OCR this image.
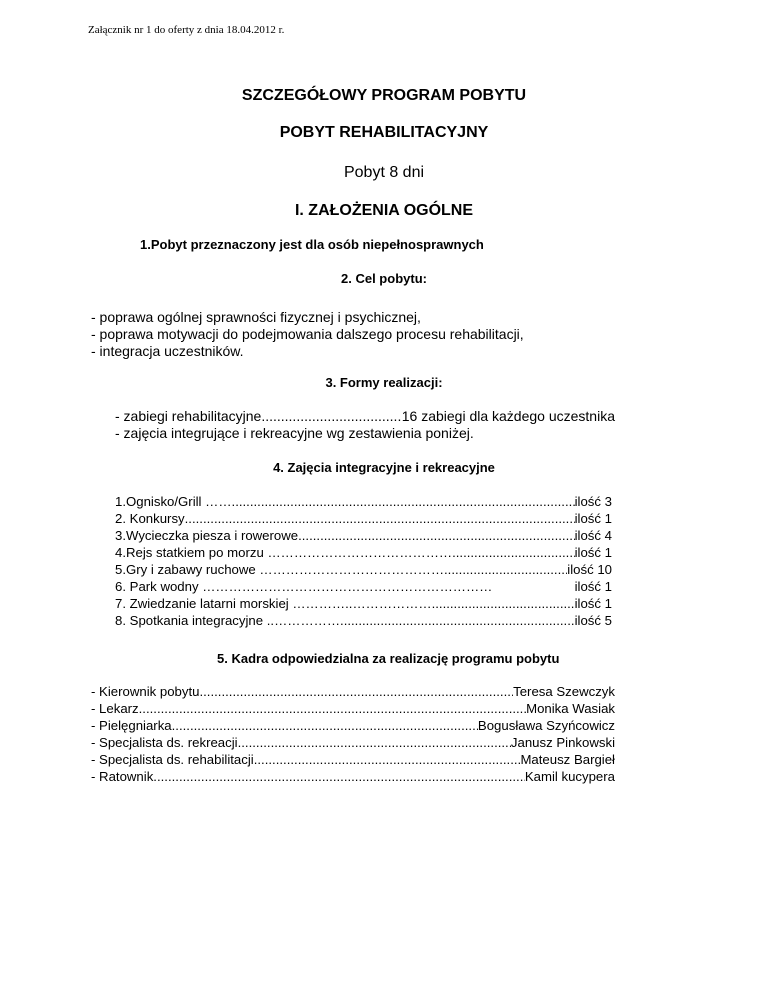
Załącznik nr 1 do oferty z dnia 18.04.2012 r.
SZCZEGÓŁOWY PROGRAM POBYTU
POBYT REHABILITACYJNY
Pobyt 8 dni
I. ZAŁOŻENIA OGÓLNE
1.Pobyt przeznaczony jest dla osób niepełnosprawnych
2. Cel pobytu:
- poprawa ogólnej sprawności fizycznej i psychicznej,
- poprawa motywacji do podejmowania dalszego procesu rehabilitacji,
- integracja uczestników.
3. Formy realizacji:
- zabiegi rehabilitacyjne .....	16 zabiegi dla każdego uczestnika
- zajęcia integrujące i rekreacyjne wg zestawienia poniżej.
4. Zajęcia integracyjne i rekreacyjne
1.Ognisko/Grill …… .....	ilość 3
2. Konkursy .....	ilość 1
3.Wycieczka piesza i rowerowe .....	ilość 4
4.Rejs statkiem po morzu …………………………………… .....	ilość 1
5.Gry i zabawy ruchowe …………………………………… .....	ilość 10
6. Park wodny …………………………………………………………	ilość 1
7. Zwiedzanie latarni morskiej …………..……………… .....	ilość 1
8. Spotkania integracyjne ..…………… .....	ilość 5
5. Kadra odpowiedzialna za realizację programu pobytu
- Kierownik pobytu .....	Teresa Szewczyk
- Lekarz .....	Monika Wasiak
- Pielęgniarka .....	Bogusława Szyńcowicz
- Specjalista ds. rekreacji .....	Janusz Pinkowski
- Specjalista ds. rehabilitacji .....	Mateusz Bargieł
- Ratownik .....	Kamil kucypera
